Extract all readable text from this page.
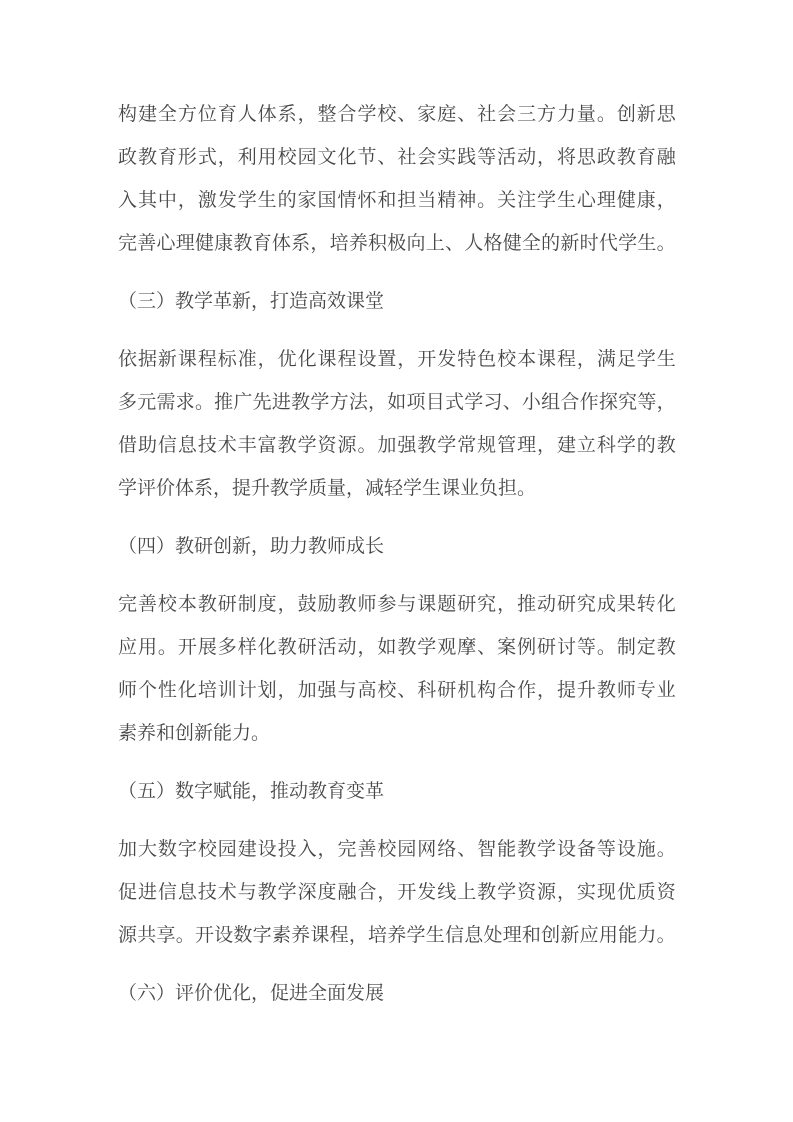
构 建 全 方 位 育 人 体 系 ， 整 合 学 校 、 家 庭 、 社 会 三 方 力 量 。 创 新 思
政 教 育 形 式 ， 利 用 校 园 文 化 节 、 社 会 实 践 等 活 动 ， 将 思 政 教 育 融
入 其 中 ， 激 发 学 生 的 家 国 情 怀 和 担 当 精 神 。 关 注 学 生 心 理 健 康 ，
完 善 心 理 健 康 教 育 体 系 ， 培 养 积 极 向 上 、 人 格 健 全 的 新 时 代 学 生 。
（三）教学革新，打造高效课堂
依 据 新 课 程 标 准 ， 优 化 课 程 设 置 ， 开 发 特 色 校 本 课 程 ， 满 足 学 生
多 元 需 求 。 推 广 先 进 教 学 方 法 ， 如 项 目 式 学 习 、 小 组 合 作 探 究 等 ，
借 助 信 息 技 术 丰 富 教 学 资 源 。 加 强 教 学 常 规 管 理 ， 建 立 科 学 的 教
学评价体系，提升教学质量，减轻学生课业负担。
（四）教研创新，助力教师成长
完 善 校 本 教 研 制 度 ， 鼓 励 教 师 参 与 课 题 研 究 ， 推 动 研 究 成 果 转 化
应 用 。 开 展 多 样 化 教 研 活 动 ， 如 教 学 观 摩 、 案 例 研 讨 等 。 制 定 教
师 个 性 化 培 训 计 划 ， 加 强 与 高 校 、 科 研 机 构 合 作 ， 提 升 教 师 专 业
素养和创新能力。
（五）数字赋能，推动教育变革
加 大 数 字 校 园 建 设 投 入 ， 完 善 校 园 网 络 、 智 能 教 学 设 备 等 设 施 。
促 进 信 息 技 术 与 教 学 深 度 融 合 ， 开 发 线 上 教 学 资 源 ， 实 现 优 质 资
源 共 享 。 开 设 数 字 素 养 课 程 ， 培 养 学 生 信 息 处 理 和 创 新 应 用 能 力 。
（六）评价优化，促进全面发展
